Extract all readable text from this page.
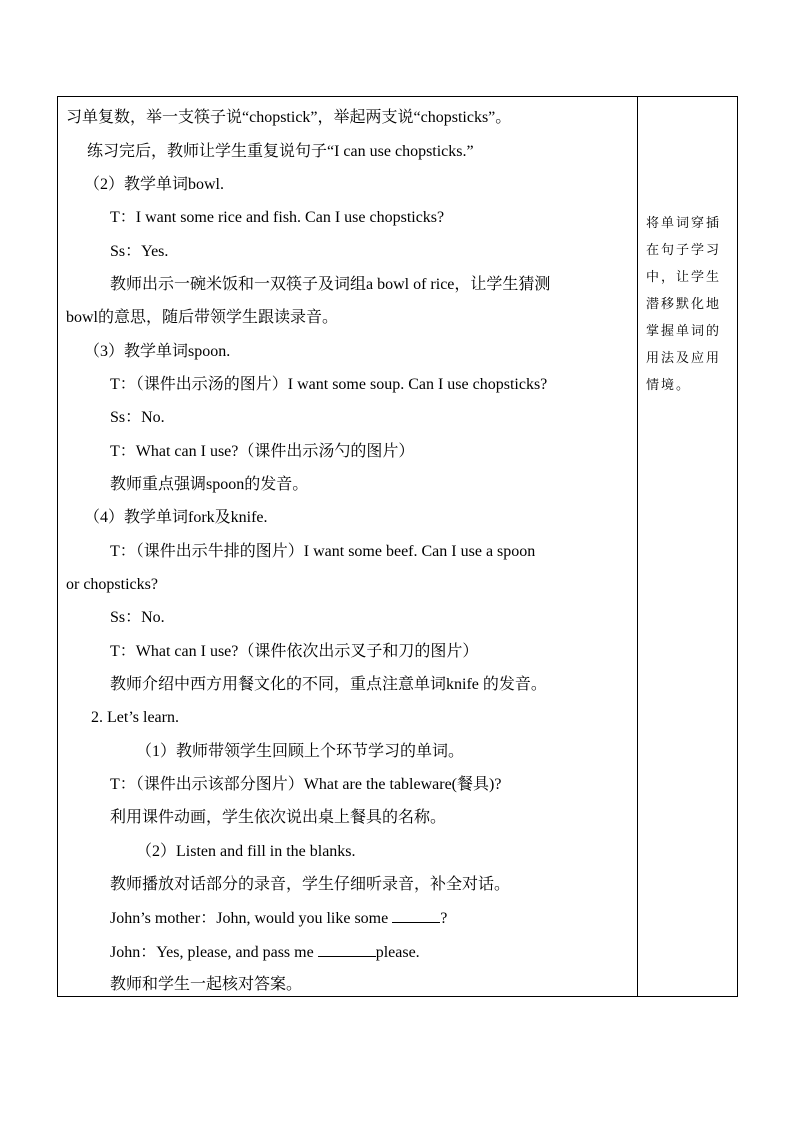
习单复数，举一支筷子说“chopstick”，举起两支说“chopsticks”。
练习完后，教师让学生重复说句子“I can use chopsticks.”
（2）教学单词bowl.
T：I want some rice and fish. Can I use chopsticks?
Ss：Yes.
教师出示一碗米饭和一双筷子及词组a bowl of rice，让学生猜测
bowl的意思，随后带领学生跟读录音。
（3）教学单词spoon.
T：（课件出示汤的图片）I want some soup. Can I use chopsticks?
Ss：No.
T：What can I use?（课件出示汤勺的图片）
教师重点强调spoon的发音。
（4）教学单词fork及knife.
T：（课件出示牛排的图片）I want some beef. Can I use a spoon
or chopsticks?
Ss：No.
T：What can I use?（课件依次出示叉子和刀的图片）
教师介绍中西方用餐文化的不同，重点注意单词knife 的发音。
2. Let’s learn.
（1）教师带领学生回顾上个环节学习的单词。
T：（课件出示该部分图片）What are the tableware(餐具)?
利用课件动画，学生依次说出桌上餐具的名称。
（2）Listen and fill in the blanks.
教师播放对话部分的录音，学生仔细听录音，补全对话。
John’s mother：John, would you like some	?
John：Yes, please, and pass me	please.
教师和学生一起核对答案。
将单词穿插在句子学习中，让学生潜移默化地掌握单词的用法及应用情境。
